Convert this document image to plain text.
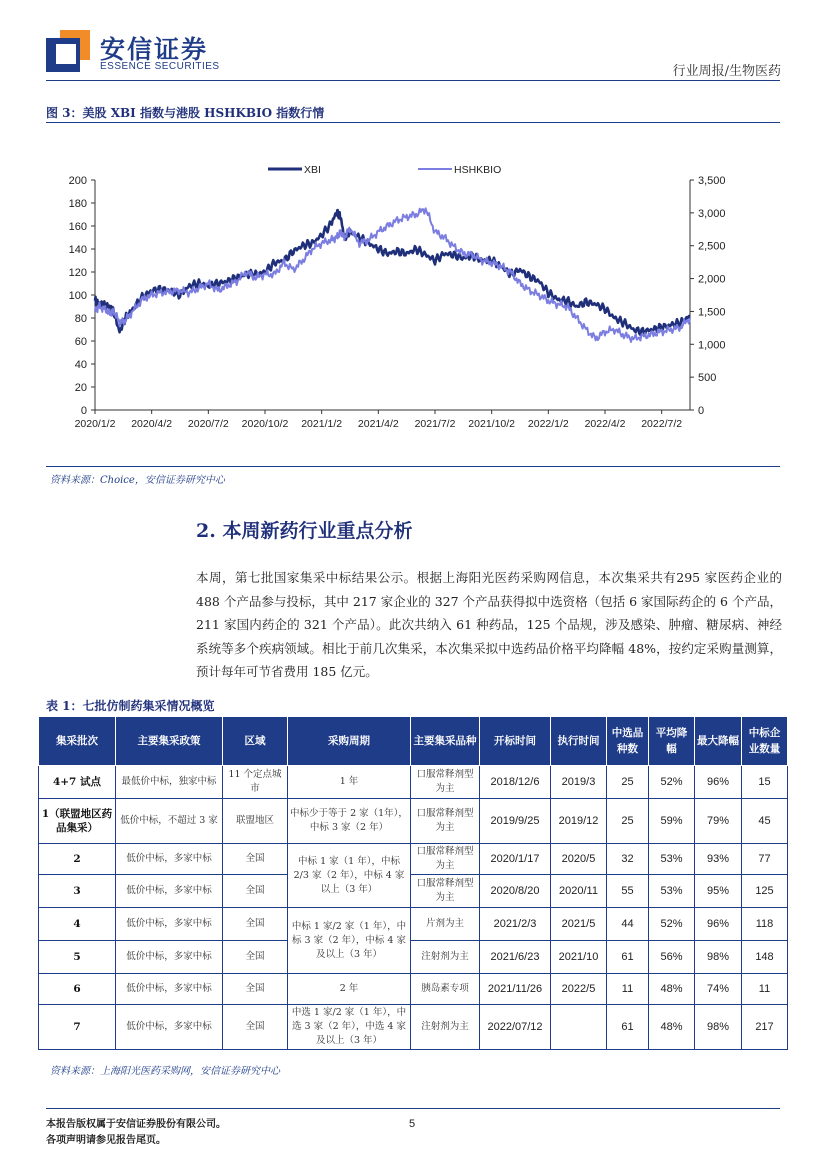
安信证券
ESSENCE SECURITIES	行业周报/生物医药
图 3：美股 XBI 指数与港股 HSHKBIO 指数行情
XBI	HSHKBIO
0
20
40
60
80
100
120
140
160
180
200
0
500
1,000
1,500
2,000
2,500
3,000
3,500
2020/1/2 2020/4/2 2020/7/2 2020/10/2 2021/1/2 2021/4/2 2021/7/2 2021/10/2 2022/1/2 2022/4/2 2022/7/2
资料来源：Choice，安信证券研究中心
2. 本周新药行业重点分析

本周，第七批国家集采中标结果公示。根据上海阳光医药采购网信息，本次集采共有295 家医药企业的 488 个产品参与投标，其中 217 家企业的 327 个产品获得拟中选资格（包括 6 家国际药企的 6 个产品，211 家国内药企的 321 个产品）。此次共纳入 61 种药品，125 个品规，涉及感染、肿瘤、糖尿病、神经系统等多个疾病领域。相比于前几次集采，本次集采拟中选药品价格平均降幅 48%，按约定采购量测算，预计每年可节省费用 185 亿元。

表 1：七批仿制药集采情况概览
集采批次	主要集采政策	区域	采购周期	主要集采品种	开标时间	执行时间	中选品种数	平均降幅	最大降幅	中标企业数量
4+7 试点	最低价中标，独家中标	11 个定点城市	1 年	口服常释剂型为主	2018/12/6	2019/3	25	52%	96%	15
1（联盟地区药品集采）	低价中标，不超过 3 家	联盟地区	中标少于等于 2 家（1年），中标 3 家（2 年）	口服常释剂型为主	2019/9/25	2019/12	25	59%	79%	45
2	低价中标，多家中标	全国	中标 1 家（1 年），中标 2/3 家（2 年），中标 4 家以上（3 年）	口服常释剂型为主	2020/1/17	2020/5	32	53%	93%	77
3	低价中标，多家中标	全国		口服常释剂型为主	2020/8/20	2020/11	55	53%	95%	125
4	低价中标，多家中标	全国	中标 1 家/2 家（1 年），中标 3 家（2 年），中标 4 家及以上（3 年）	片剂为主	2021/2/3	2021/5	44	52%	96%	118
5	低价中标，多家中标	全国		注射剂为主	2021/6/23	2021/10	61	56%	98%	148
6	低价中标，多家中标	全国	2 年	胰岛素专项	2021/11/26	2022/5	11	48%	74%	11
7	低价中标，多家中标	全国	中选 1 家/2 家（1 年），中选 3 家（2 年），中选 4 家及以上（3 年）	注射剂为主	2022/07/12		61	48%	98%	217
资料来源：上海阳光医药采购网，安信证券研究中心
本报告版权属于安信证券股份有限公司。
各项声明请参见报告尾页。
5
